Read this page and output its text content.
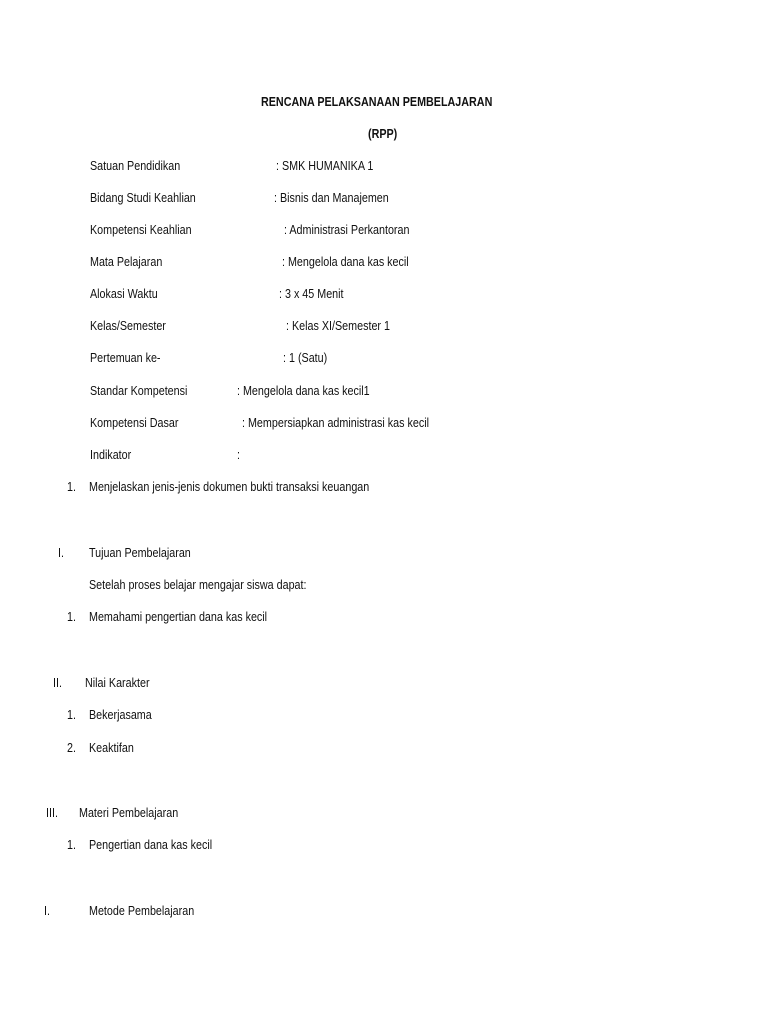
RENCANA PELAKSANAAN PEMBELAJARAN
(RPP)
Satuan Pendidikan	: SMK HUMANIKA 1
Bidang Studi Keahlian	: Bisnis dan Manajemen
Kompetensi Keahlian	: Administrasi Perkantoran
Mata Pelajaran	: Mengelola dana kas kecil
Alokasi Waktu	: 3 x 45 Menit
Kelas/Semester	: Kelas XI/Semester 1
Pertemuan ke-	: 1 (Satu)
Standar Kompetensi	: Mengelola dana kas kecil1
Kompetensi Dasar	: Mempersiapkan administrasi kas kecil
Indikator	:
1. Menjelaskan jenis-jenis dokumen bukti transaksi keuangan
I. Tujuan Pembelajaran
Setelah proses belajar mengajar siswa dapat:
1. Memahami pengertian dana kas kecil
II. Nilai Karakter
1. Bekerjasama
2. Keaktifan
III. Materi Pembelajaran
1. Pengertian dana kas kecil
I.	Metode Pembelajaran
